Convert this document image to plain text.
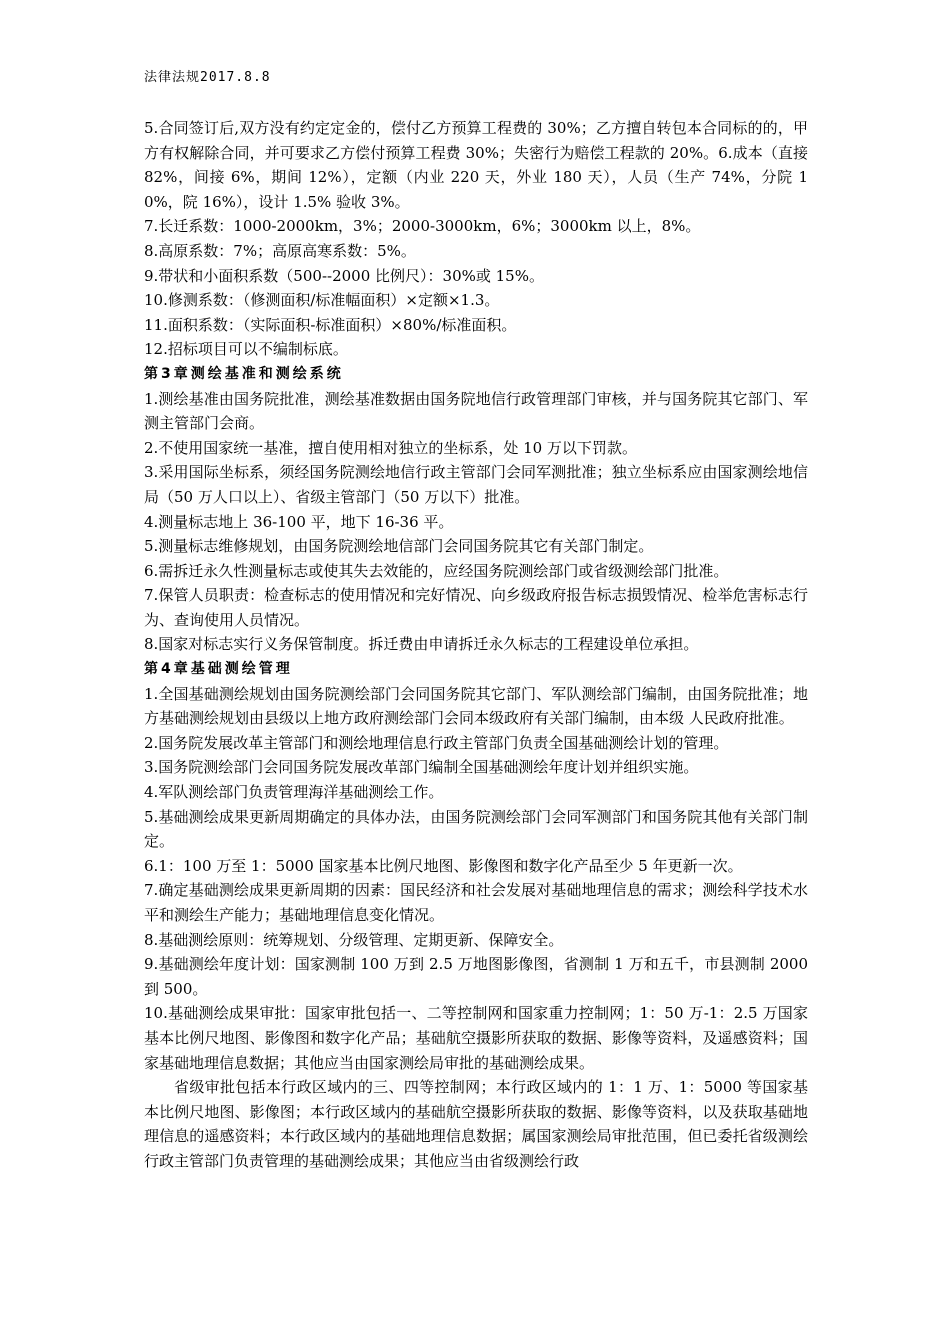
法律法规2017.8.8

5.合同签订后,双方没有约定定金的，偿付乙方预算工程费的 30%；乙方擅自转包本合同标的的，甲方有权解除合同，并可要求乙方偿付预算工程费 30%；失密行为赔偿工程款的 20%。6.成本（直接 82%，间接 6%，期间 12%），定额（内业 220 天，外业 180 天），人员（生产 74%，分院 10%，院 16%），设计 1.5% 验收 3%。

7.长迁系数：1000-2000km，3%；2000-3000km，6%；3000km 以上，8%。

8.高原系数：7%；高原高寒系数：5%。

9.带状和小面积系数（500--2000 比例尺）：30%或 15%。

10.修测系数：（修测面积/标准幅面积）×定额×1.3。

11.面积系数：（实际面积-标准面积）×80%/标准面积。

12.招标项目可以不编制标底。

第3章测绘基准和测绘系统

1.测绘基准由国务院批准，测绘基准数据由国务院地信行政管理部门审核，并与国务院其它部门、军测主管部门会商。

2.不使用国家统一基准，擅自使用相对独立的坐标系，处 10 万以下罚款。

3.采用国际坐标系，须经国务院测绘地信行政主管部门会同军测批准；独立坐标系应由国家测绘地信局（50 万人口以上）、省级主管部门（50 万以下）批准。

4.测量标志地上 36-100 平，地下 16-36 平。

5.测量标志维修规划，由国务院测绘地信部门会同国务院其它有关部门制定。

6.需拆迁永久性测量标志或使其失去效能的，应经国务院测绘部门或省级测绘部门批准。

7.保管人员职责：检查标志的使用情况和完好情况、向乡级政府报告标志损毁情况、检举危害标志行为、查询使用人员情况。

8.国家对标志实行义务保管制度。拆迁费由申请拆迁永久标志的工程建设单位承担。

第4章基础测绘管理

1.全国基础测绘规划由国务院测绘部门会同国务院其它部门、军队测绘部门编制，由国务院批准；地方基础测绘规划由县级以上地方政府测绘部门会同本级政府有关部门编制，由本级 人民政府批准。

2.国务院发展改革主管部门和测绘地理信息行政主管部门负责全国基础测绘计划的管理。

3.国务院测绘部门会同国务院发展改革部门编制全国基础测绘年度计划并组织实施。

4.军队测绘部门负责管理海洋基础测绘工作。

5.基础测绘成果更新周期确定的具体办法，由国务院测绘部门会同军测部门和国务院其他有关部门制定。

6.1：100 万至 1：5000 国家基本比例尺地图、影像图和数字化产品至少 5 年更新一次。

7.确定基础测绘成果更新周期的因素：国民经济和社会发展对基础地理信息的需求；测绘科学技术水平和测绘生产能力；基础地理信息变化情况。

8.基础测绘原则：统筹规划、分级管理、定期更新、保障安全。

9.基础测绘年度计划：国家测制 100 万到 2.5 万地图影像图，省测制 1 万和五千，市县测制 2000 到 500。

10.基础测绘成果审批：国家审批包括一、二等控制网和国家重力控制网；1：50 万-1：2.5 万国家基本比例尺地图、影像图和数字化产品；基础航空摄影所获取的数据、影像等资料，及遥感资料；国家基础地理信息数据；其他应当由国家测绘局审批的基础测绘成果。

省级审批包括本行政区域内的三、四等控制网；本行政区域内的 1：1 万、1：5000 等国家基本比例尺地图、影像图；本行政区域内的基础航空摄影所获取的数据、影像等资料，以及获取基础地理信息的遥感资料；本行政区域内的基础地理信息数据；属国家测绘局审批范围，但已委托省级测绘行政主管部门负责管理的基础测绘成果；其他应当由省级测绘行政
